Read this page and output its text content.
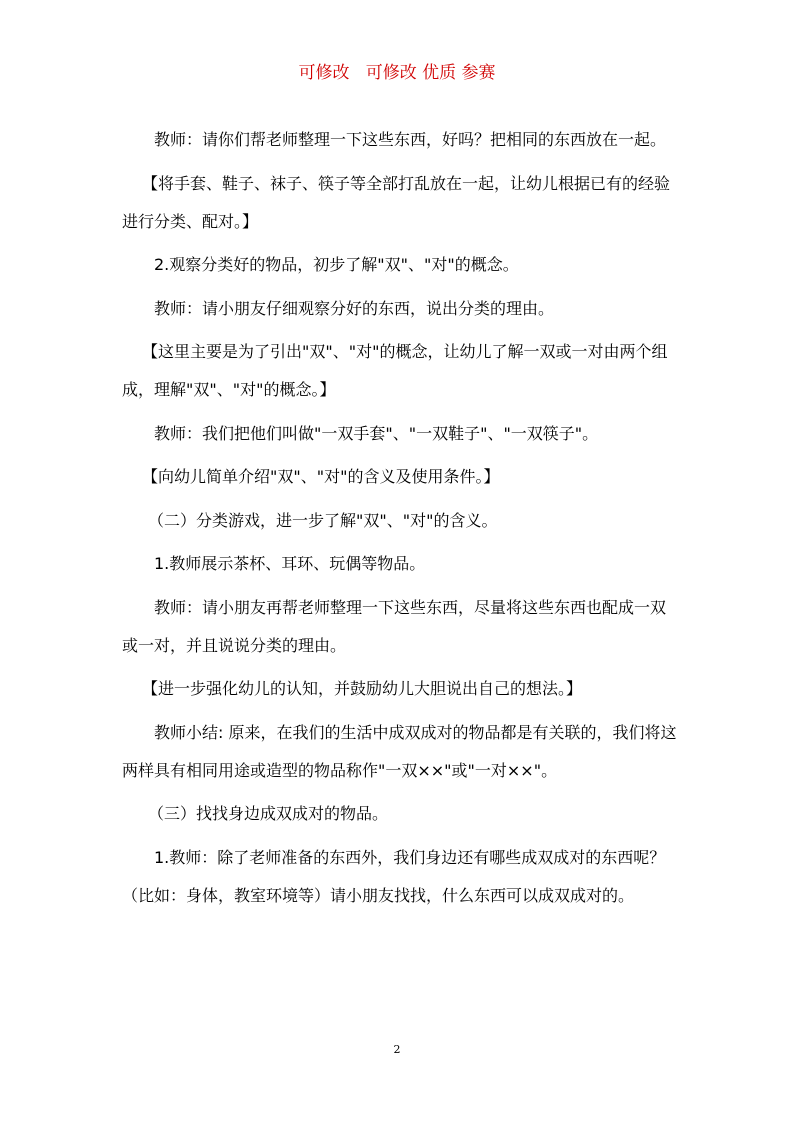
可修改   可修改 优质 参赛

教师：请你们帮老师整理一下这些东西，好吗？把相同的东西放在一起。

【将手套、鞋子、袜子、筷子等全部打乱放在一起，让幼儿根据已有的经验进行分类、配对。】

2.观察分类好的物品，初步了解"双"、"对"的概念。

教师：请小朋友仔细观察分好的东西，说出分类的理由。

【这里主要是为了引出"双"、"对"的概念，让幼儿了解一双或一对由两个组成，理解"双"、"对"的概念。】

教师：我们把他们叫做"一双手套"、"一双鞋子"、"一双筷子"。

【向幼儿简单介绍"双"、"对"的含义及使用条件。】

（二）分类游戏，进一步了解"双"、"对"的含义。

1.教师展示茶杯、耳环、玩偶等物品。

教师：请小朋友再帮老师整理一下这些东西，尽量将这些东西也配成一双或一对，并且说说分类的理由。

【进一步强化幼儿的认知，并鼓励幼儿大胆说出自己的想法。】

教师小结: 原来，在我们的生活中成双成对的物品都是有关联的，我们将这两样具有相同用途或造型的物品称作"一双××"或"一对××"。

（三）找找身边成双成对的物品。

1.教师：除了老师准备的东西外，我们身边还有哪些成双成对的东西呢？（比如：身体，教室环境等）请小朋友找找，什么东西可以成双成对的。

2
